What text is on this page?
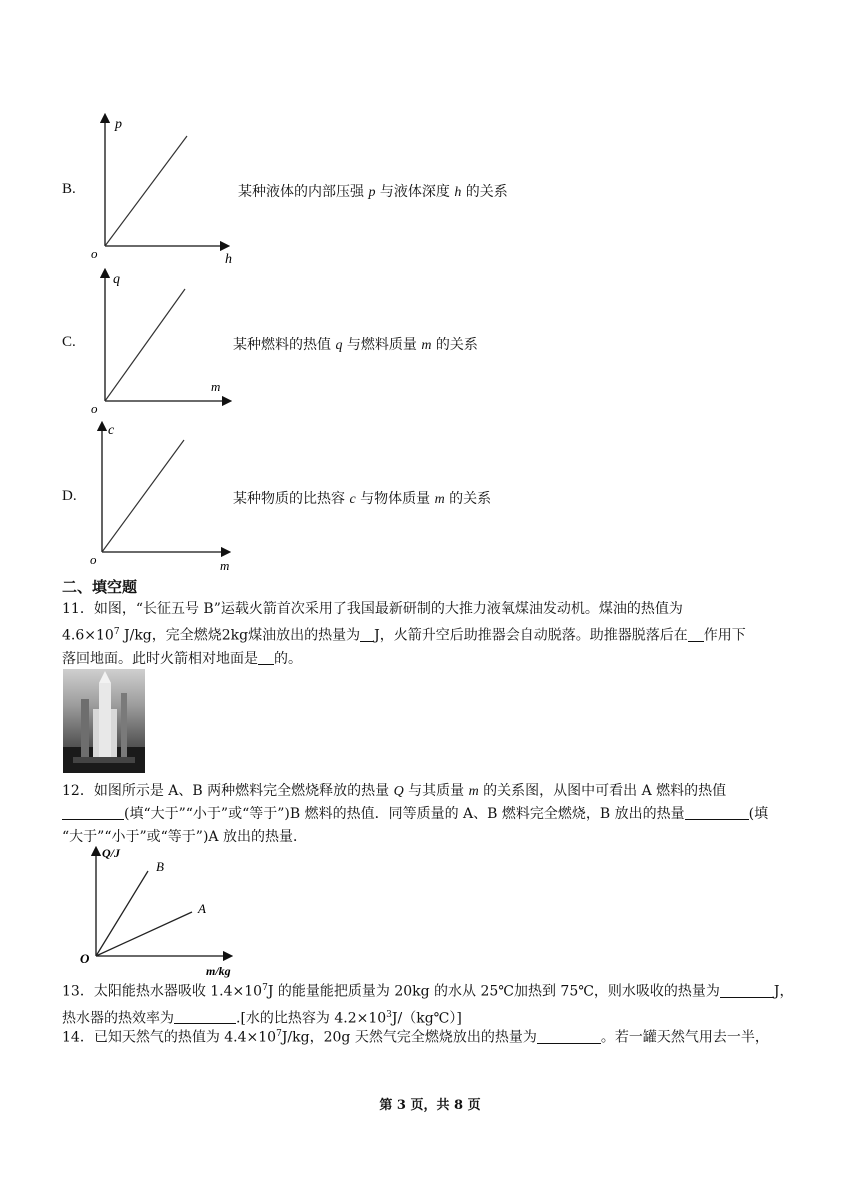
B.
p
h
o
某种液体的内部压强 p 与液体深度 h 的关系
C.
q
m
o
某种燃料的热值 q 与燃料质量 m 的关系
D.
c
m
o
某种物质的比热容 c 与物体质量 m 的关系
二、填空题
11．如图，“长征五号 B”运载火箭首次采用了我国最新研制的大推力液氧煤油发动机。煤油的热值为
$4.6\times 10^7$ J/kg，完全燃烧2kg煤油放出的热量为 J，火箭升空后助推器会自动脱落。助推器脱落后在 作用下
落回地面。此时火箭相对地面是 的。
12．如图所示是 A、B 两种燃料完全燃烧释放的热量 Q 与其质量 m 的关系图，从图中可看出 A 燃料的热值
(填“大于”“小于”或“等于”)B 燃料的热值．同等质量的 A、B 燃料完全燃烧，B 放出的热量	(填
“大于”“小于”或“等于”)A 放出的热量．
Q/J
B
A
O
m/kg
13．太阳能热水器吸收 $1.4\times 10^7J$ 的能量能把质量为 20kg 的水从 25℃加热到 75℃，则水吸收的热量为	J，
热水器的热效率为	.[水的比热容为 $4.2\times 10^3J/(kg℃)$]
14．已知天然气的热值为 $4.4\times 10^7J/kg$，20g 天然气完全燃烧放出的热量为	。若一罐天然气用去一半，
第 3 页，共 8 页
